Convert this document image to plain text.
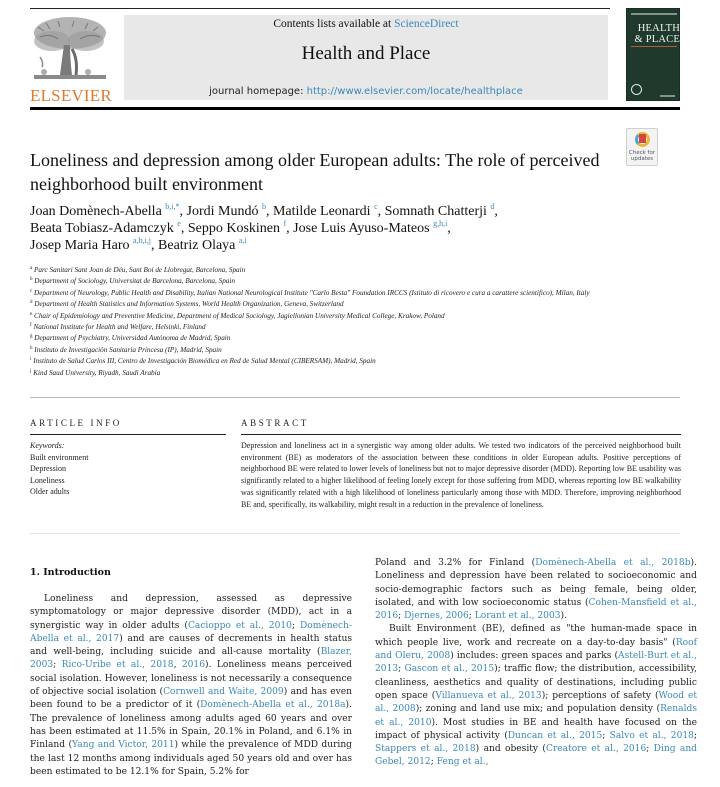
ELSEVIER
Contents lists available at ScienceDirect
Health and Place
journal homepage: http://www.elsevier.com/locate/healthplace
HEALTH
& PLACE
Check for updates
Loneliness and depression among older European adults: The role of perceived neighborhood built environment
Joan Domènech-Abella $^{b,i,*}$, Jordi Mundó $^b$, Matilde Leonardi $^c$, Somnath Chatterji $^d$,
Beata Tobiasz-Adamczyk $^e$, Seppo Koskinen $^f$, Jose Luis Ayuso-Mateos $^{g,h,i}$,
Josep Maria Haro $^{a,h,i,j}$, Beatriz Olaya $^{a,i}$
$^a$ Parc Sanitari Sant Joan de Déu, Sant Boi de Llobregat, Barcelona, Spain
$^b$ Department of Sociology, Universitat de Barcelona, Barcelona, Spain
$^c$ Department of Neurology, Public Health and Disability, Italian National Neurological Institute "Carlo Besta" Foundation IRCCS (Istituto di ricovero e cura a carattere scientifico), Milan, Italy
$^d$ Department of Health Statistics and Information Systems, World Health Organization, Geneva, Switzerland
$^e$ Chair of Epidemiology and Preventive Medicine, Department of Medical Sociology, Jagiellonian University Medical College, Krakow, Poland
$^f$ National Institute for Health and Welfare, Helsinki, Finland
$^g$ Department of Psychiatry, Universidad Autónoma de Madrid, Spain
$^h$ Instituto de Investigación Sanitaria Princesa (IP), Madrid, Spain
$^i$ Instituto de Salud Carlos III, Centro de Investigación Biomédica en Red de Salud Mental (CIBERSAM), Madrid, Spain
$^j$ Kind Saud University, Riyadh, Saudi Arabia
ARTICLE INFO	ABSTRACT
Keywords:
Built environment
Depression
Loneliness
Older adults
Depression and loneliness act in a synergistic way among older adults. We tested two indicators of the perceived neighborhood built environment (BE) as moderators of the association between these conditions in older European adults. Positive perceptions of neighborhood BE were related to lower levels of loneliness but not to major depressive disorder (MDD). Reporting low BE usability was significantly related to a higher likelihood of feeling lonely except for those suffering from MDD, whereas reporting low BE walkability was significantly related with a high likelihood of loneliness particularly among those with MDD. Therefore, improving neighborhood BE and, specifically, its walkability, might result in a reduction in the prevalence of loneliness.
1. Introduction

Loneliness and depression, assessed as depressive symptomatology or major depressive disorder (MDD), act in a synergistic way in older adults (Cacioppo et al., 2010; Domènech-Abella et al., 2017) and are causes of decrements in health status and well-being, including suicide and all-cause mortality (Blazer, 2003; Rico-Uribe et al., 2018, 2016). Loneliness means perceived social isolation. However, loneliness is not necessarily a consequence of objective social isolation (Cornwell and Waite, 2009) and has even been found to be a predictor of it (Domènech-Abella et al., 2018a). The prevalence of loneliness among adults aged 60 years and over has been estimated at 11.5% in Spain, 20.1% in Poland, and 6.1% in Finland (Yang and Victor, 2011) while the prevalence of MDD during the last 12 months among individuals aged 50 years old and over has been estimated to be 12.1% for Spain, 5.2% for

Poland and 3.2% for Finland (Domènech-Abella et al., 2018b). Loneliness and depression have been related to socioeconomic and socio-demographic factors such as being female, being older, isolated, and with low socioeconomic status (Cohen-Mansfield et al., 2016; Djernes, 2006; Lorant et al., 2003).

Built Environment (BE), defined as "the human-made space in which people live, work and recreate on a day-to-day basis" (Roof and Oleru, 2008) includes: green spaces and parks (Astell-Burt et al., 2013; Gascon et al., 2015); traffic flow; the distribution, accessibility, cleanliness, aesthetics and quality of destinations, including public open space (Villanueva et al., 2013); perceptions of safety (Wood et al., 2008); zoning and land use mix; and population density (Renalds et al., 2010). Most studies in BE and health have focused on the impact of physical activity (Duncan et al., 2015; Salvo et al., 2018; Stappers et al., 2018) and obesity (Creatore et al., 2016; Ding and Gebel, 2012; Feng et al.,
